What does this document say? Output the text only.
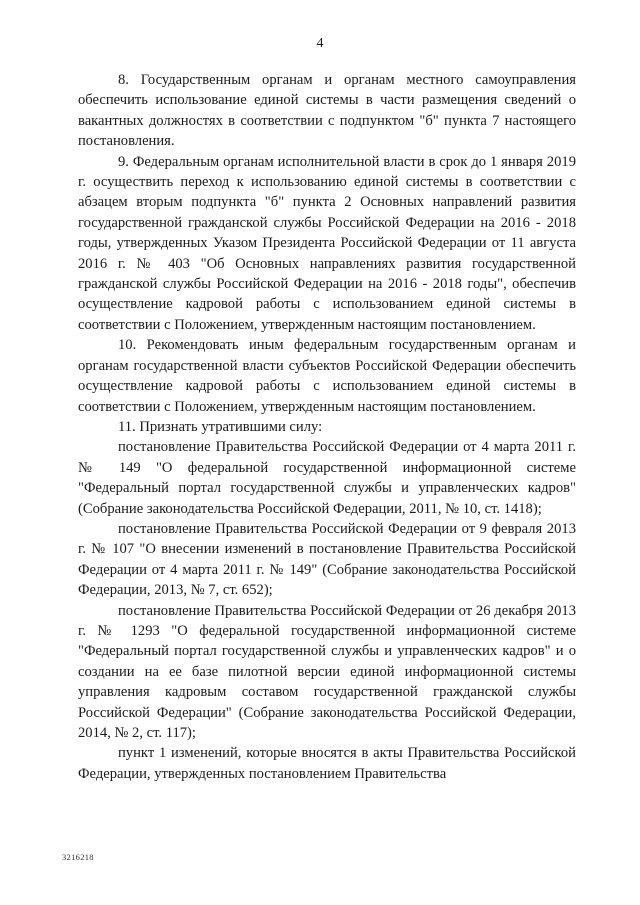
4

8. Государственным органам и органам местного самоуправления обеспечить использование единой системы в части размещения сведений о вакантных должностях в соответствии с подпунктом "б" пункта 7 настоящего постановления.

9. Федеральным органам исполнительной власти в срок до 1 января 2019 г. осуществить переход к использованию единой системы в соответствии с абзацем вторым подпункта "б" пункта 2 Основных направлений развития государственной гражданской службы Российской Федерации на 2016 - 2018 годы, утвержденных Указом Президента Российской Федерации от 11 августа 2016 г. № 403 "Об Основных направлениях развития государственной гражданской службы Российской Федерации на 2016 - 2018 годы", обеспечив осуществление кадровой работы с использованием единой системы в соответствии с Положением, утвержденным настоящим постановлением.

10. Рекомендовать иным федеральным государственным органам и органам государственной власти субъектов Российской Федерации обеспечить осуществление кадровой работы с использованием единой системы в соответствии с Положением, утвержденным настоящим постановлением.

11. Признать утратившими силу:

постановление Правительства Российской Федерации от 4 марта 2011 г. № 149 "О федеральной государственной информационной системе "Федеральный портал государственной службы и управленческих кадров" (Собрание законодательства Российской Федерации, 2011, № 10, ст. 1418);

постановление Правительства Российской Федерации от 9 февраля 2013 г. № 107 "О внесении изменений в постановление Правительства Российской Федерации от 4 марта 2011 г. № 149" (Собрание законодательства Российской Федерации, 2013, № 7, ст. 652);

постановление Правительства Российской Федерации от 26 декабря 2013 г. № 1293 "О федеральной государственной информационной системе "Федеральный портал государственной службы и управленческих кадров" и о создании на ее базе пилотной версии единой информационной системы управления кадровым составом государственной гражданской службы Российской Федерации" (Собрание законодательства Российской Федерации, 2014, № 2, ст. 117);

пункт 1 изменений, которые вносятся в акты Правительства Российской Федерации, утвержденных постановлением Правительства

3216218
